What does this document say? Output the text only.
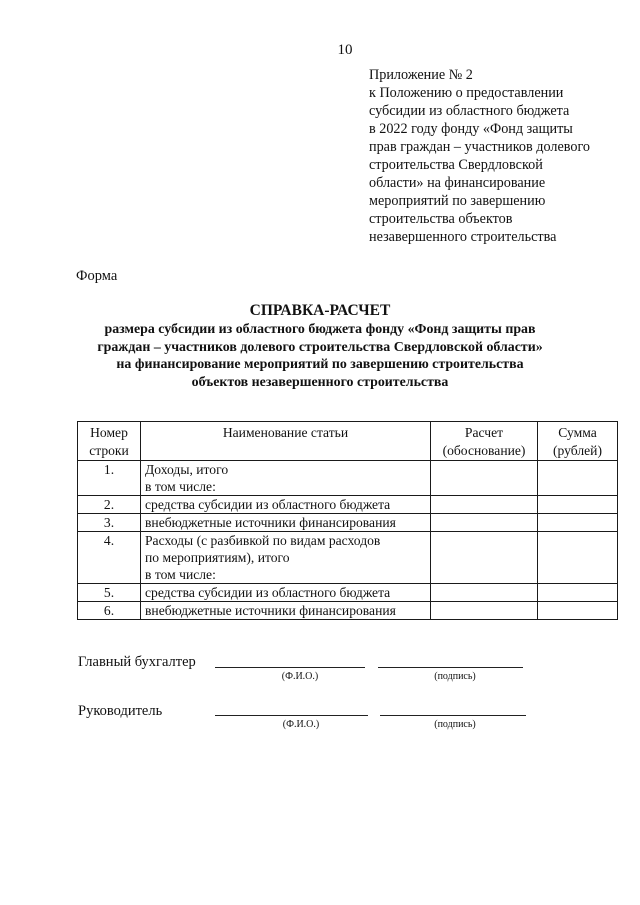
10
Приложение № 2
к Положению о предоставлении
субсидии из областного бюджета
в 2022 году фонду «Фонд защиты
прав граждан – участников долевого
строительства Свердловской
области» на финансирование
мероприятий по завершению
строительства объектов
незавершенного строительства
Форма
СПРАВКА-РАСЧЕТ
размера субсидии из областного бюджета фонду «Фонд защиты прав
граждан – участников долевого строительства Свердловской области»
на финансирование мероприятий по завершению строительства
объектов незавершенного строительства
Номер строки	Наименование статьи	Расчет (обоснование)	Сумма (рублей)
1.	Доходы, итого
в том числе:		
2.	средства субсидии из областного бюджета		
3.	внебюджетные источники финансирования		
4.	Расходы (с разбивкой по видам расходов
по мероприятиям), итого
в том числе:		
5.	средства субсидии из областного бюджета		
6.	внебюджетные источники финансирования		
Главный бухгалтер
(Ф.И.О.)	(подпись)
Руководитель
(Ф.И.О.)	(подпись)
